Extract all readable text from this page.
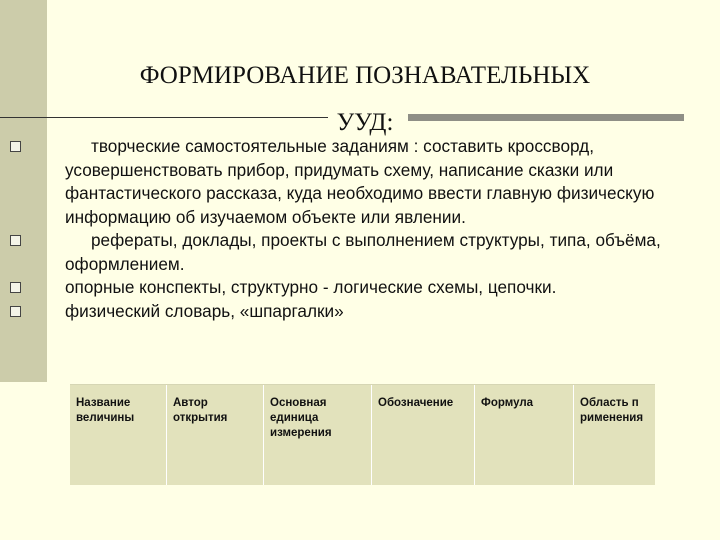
ФОРМИРОВАНИЕ ПОЗНАВАТЕЛЬНЫХ
УУД:
творческие самостоятельные заданиям : составить кроссворд, усовершенствовать прибор, придумать схему, написание сказки или фантастического рассказа, куда необходимо ввести главную физическую информацию об изучаемом объекте или явлении.
рефераты, доклады, проекты с выполнением структуры, типа, объёма, оформлением.
опорные конспекты, структурно - логические схемы, цепочки.
физический словарь, «шпаргалки»
Название величины
Автор открытия
Основная единица измерения
Обозначение	Формула	Область применения
